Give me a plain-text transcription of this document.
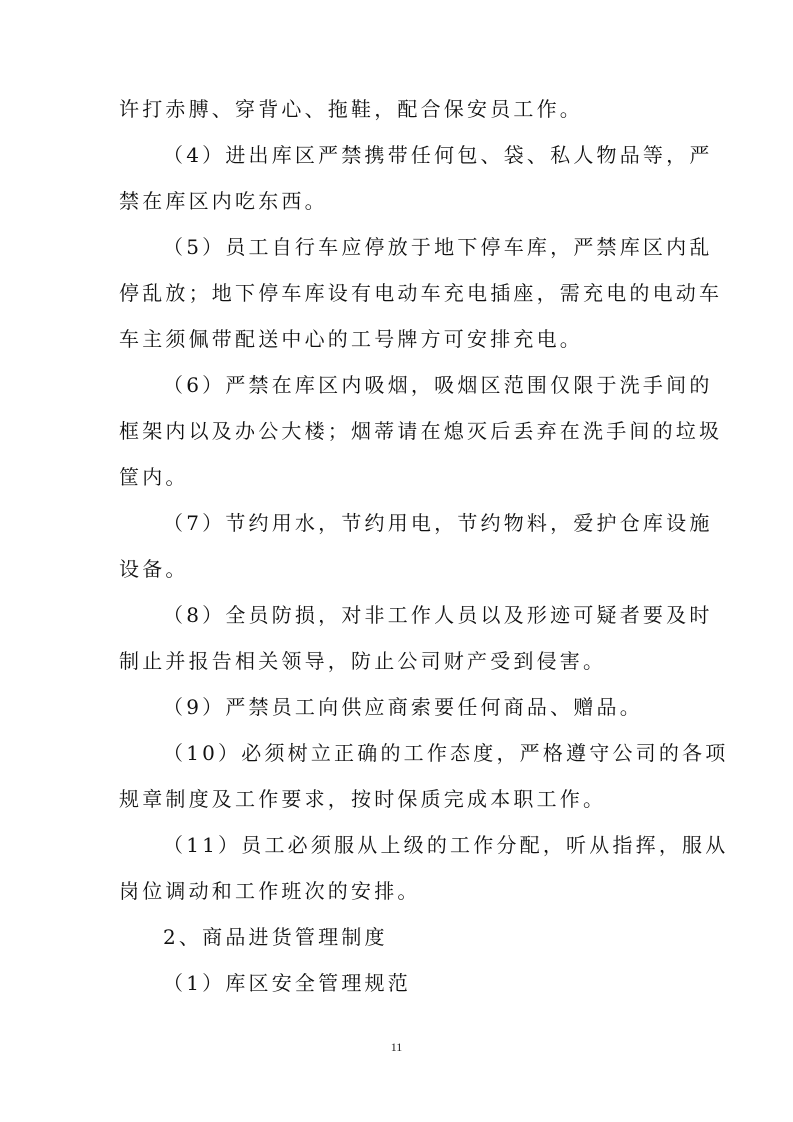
许打赤膊、穿背心、拖鞋，配合保安员工作。
（4）进出库区严禁携带任何包、袋、私人物品等，严
禁在库区内吃东西。
（5）员工自行车应停放于地下停车库，严禁库区内乱
停乱放；地下停车库设有电动车充电插座，需充电的电动车
车主须佩带配送中心的工号牌方可安排充电。
（6）严禁在库区内吸烟，吸烟区范围仅限于洗手间的
框架内以及办公大楼；烟蒂请在熄灭后丢弃在洗手间的垃圾
筐内。
（7）节约用水，节约用电，节约物料，爱护仓库设施
设备。
（8）全员防损，对非工作人员以及形迹可疑者要及时
制止并报告相关领导，防止公司财产受到侵害。
（9）严禁员工向供应商索要任何商品、赠品。
（10）必须树立正确的工作态度，严格遵守公司的各项
规章制度及工作要求，按时保质完成本职工作。
（11）员工必须服从上级的工作分配，听从指挥，服从
岗位调动和工作班次的安排。
2、商品进货管理制度
（1）库区安全管理规范
11
